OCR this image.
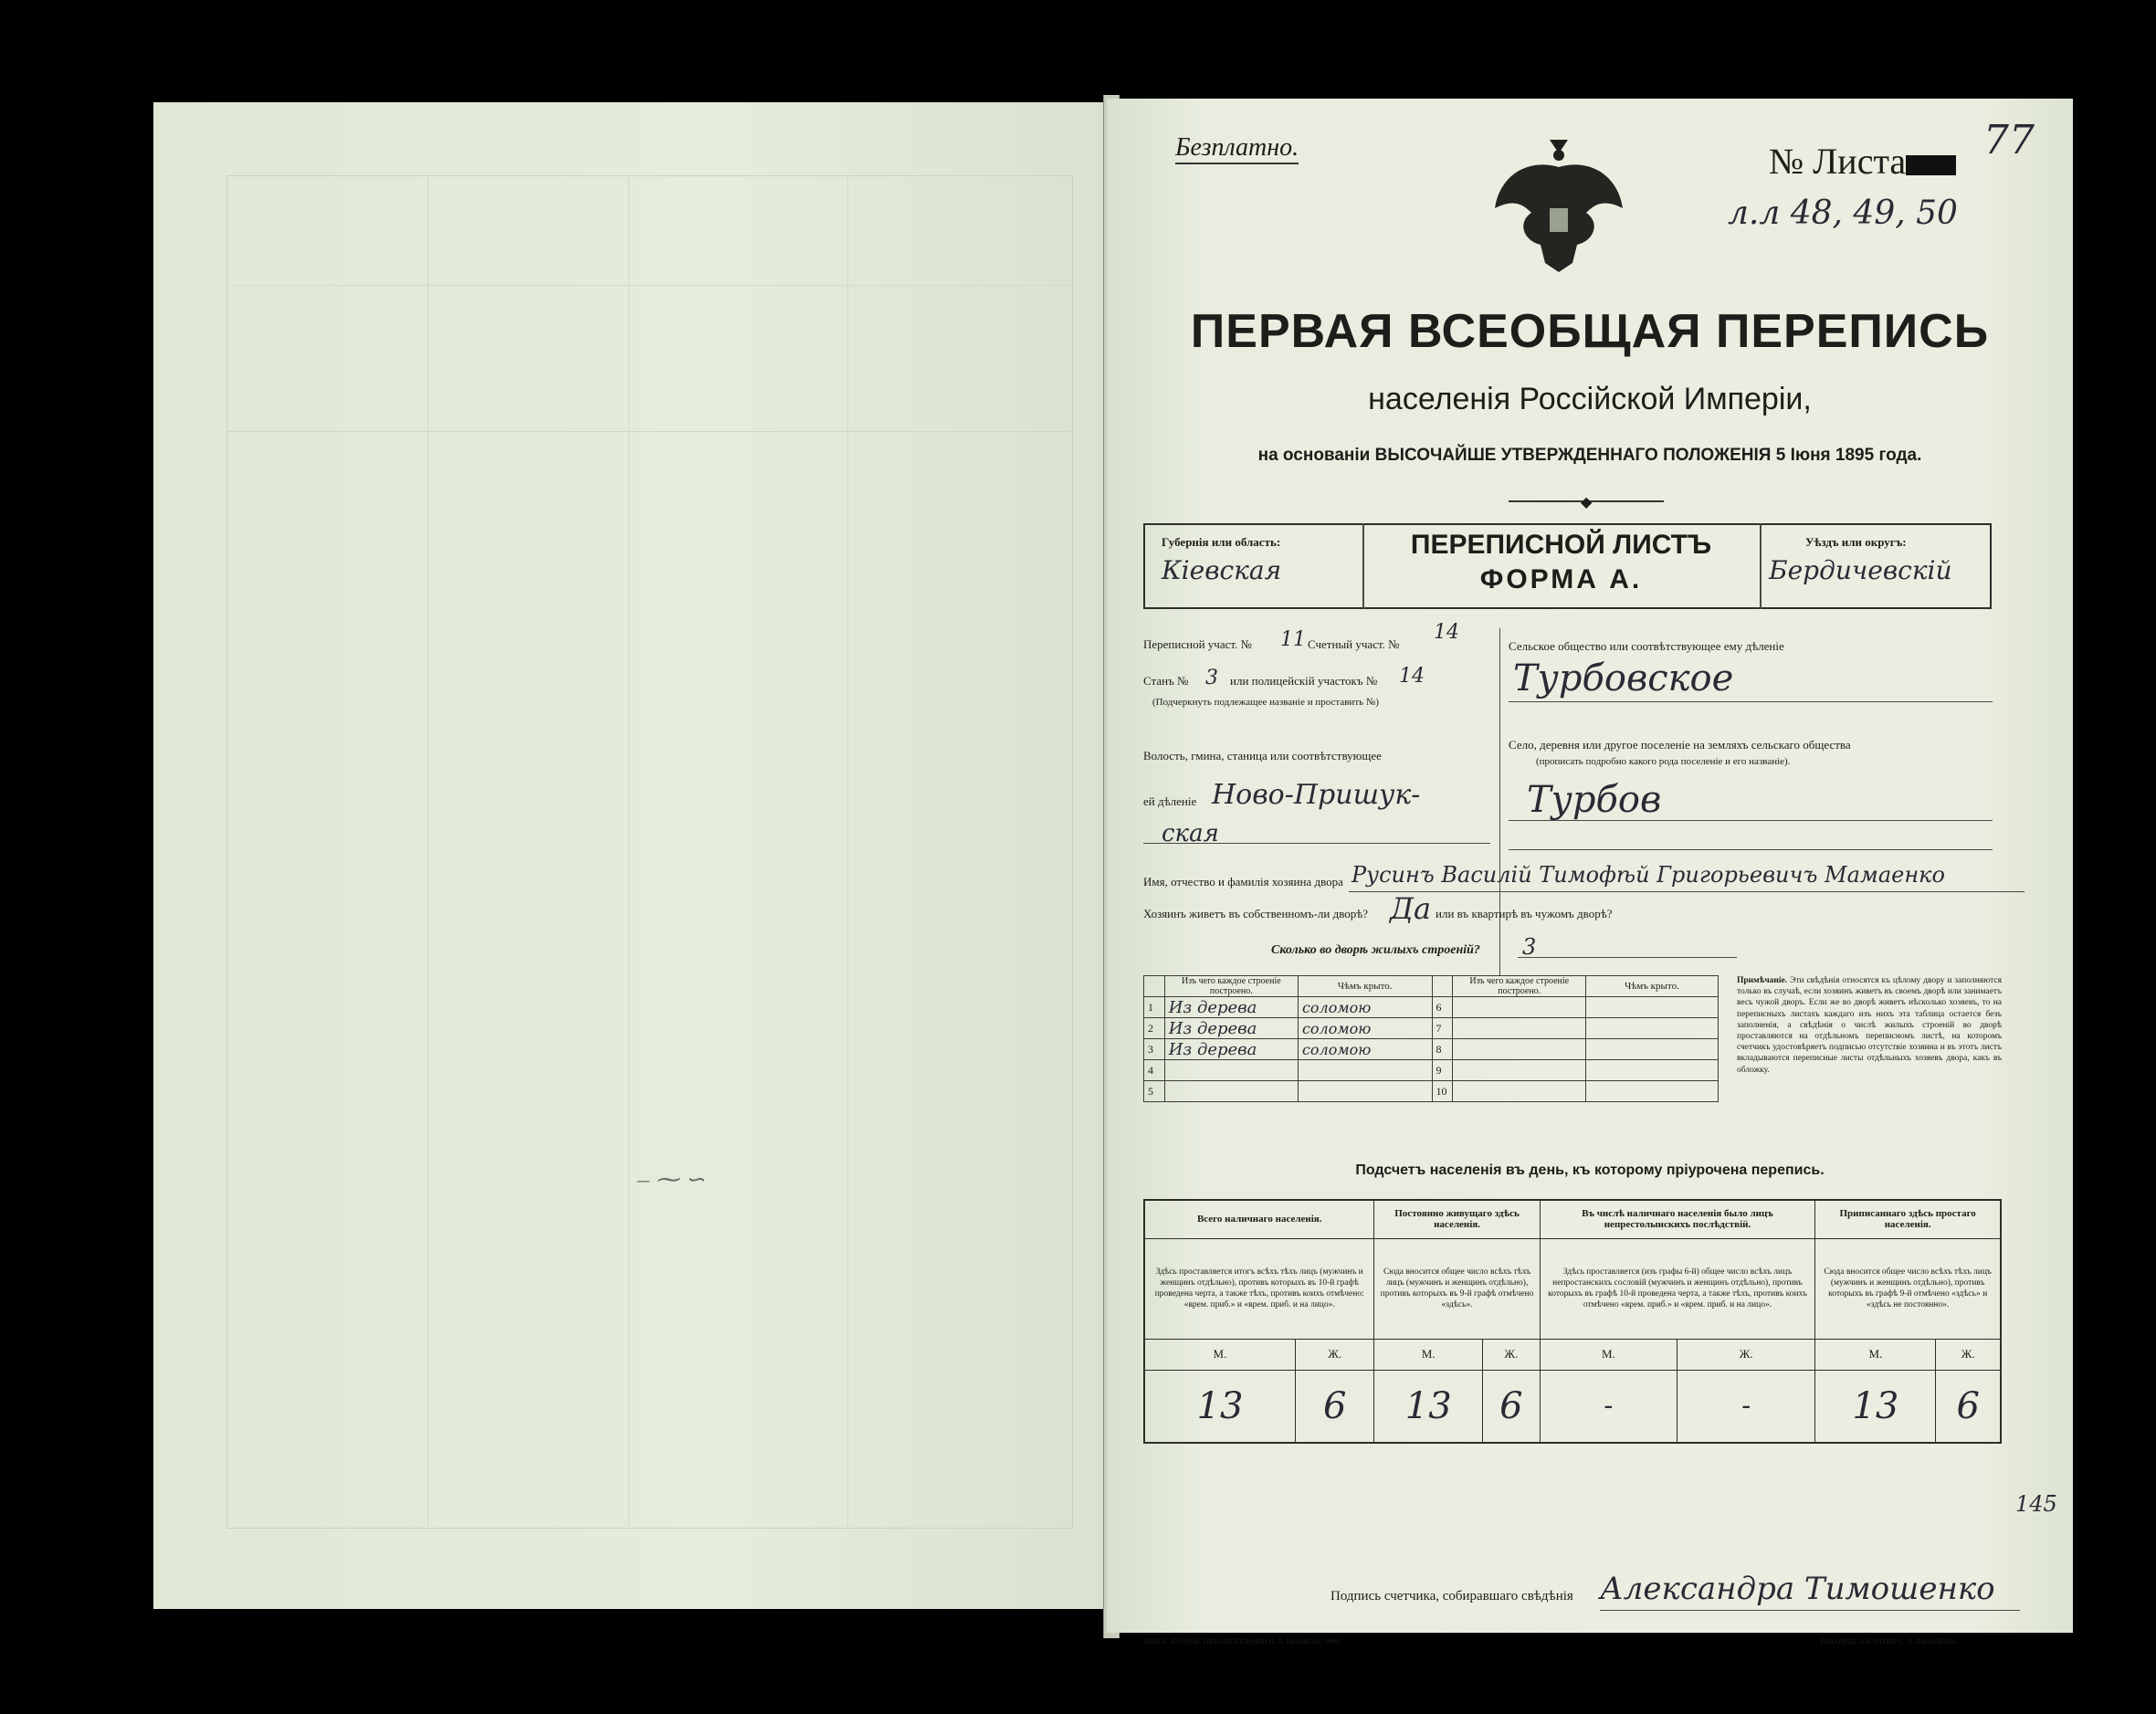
– ⁓ ∽
Безплатно.	№ Листа 77
л.л 48, 49, 50
ПЕРВАЯ ВСЕОБЩАЯ ПЕРЕПИСЬ
населенія Россійской Имперіи,
на основаніи ВЫСОЧАЙШЕ УТВЕРЖДЕННАГО ПОЛОЖЕНІЯ 5 Іюня 1895 года.
◆
Губернія или область:
Кіевская
ПЕРЕПИСНОЙ ЛИСТЪ
ФОРМА А.
Уѣздъ или округъ:
Бердичевскій
Переписной участ. № 11 Счетный участ. №
14
Станъ № 3 или полицейскій участокъ № 14
(Подчеркнуть подлежащее названіе и проставить №)
Волость, гмина, станица или соотвѣтствующее
ей дѣленіе Ново-Пришук-
ская
Сельское общество или соотвѣтствующее ему дѣленіе
Турбовское
Село, деревня или другое поселеніе на земляхъ сельскаго общества
(прописать подробно какого рода поселеніе и его названіе).
Турбов
Имя, отчество и фамилія хозяина двора Русинъ Василій Тимофѣй Григорьевичъ Мамаенко
Хозяинъ живетъ въ собственномъ-ли дворѣ? Да или въ квартирѣ въ чужомъ дворѣ?
Сколько во дворѣ жилыхъ строеній? 3
	Изъ чего каждое строеніе построено.	Чѣмъ крыто.		Изъ чего каждое строеніе построено.	Чѣмъ крыто.
1	Из дерева	соломою	6		
2	Из дерева	соломою	7		
3	Из дерева	соломою	8		
4			9		
5			10		
Примѣчаніе. Эти свѣдѣнія относятся къ цѣлому двору и заполняются только въ случаѣ, если хозяинъ живетъ въ своемъ дворѣ или занимаетъ весь чужой дворъ. Если же во дворѣ живетъ нѣсколько хозяевъ, то на переписныхъ листахъ каждаго изъ нихъ эта таблица остается безъ заполненія, а свѣдѣнія о числѣ жилыхъ строеній во дворѣ проставляются на отдѣльномъ переписномъ листѣ, на которомъ счетчикъ удостовѣряетъ подписью отсутствіе хозяина и въ этотъ листъ вкладываются переписные листы отдѣльныхъ хозяевъ двора, какъ въ обложку.
Подсчетъ населенія въ день, къ которому пріурочена перепись.
Всего наличнаго населенія.		Постоянно живущаго здѣсь населенія.		Въ числѣ наличнаго населенія было лицъ непрестолынскихъ послѣдствій.		Приписаннаго здѣсь простаго населенія.	
Здѣсь проставляется итогъ всѣхъ тѣхъ лицъ (мужчинъ и женщинъ отдѣльно), противъ которыхъ въ 10-й графѣ проведена черта, а также тѣхъ, противъ коихъ отмѣчено: «врем. приб.» и «врем. приб. и на лицо».		Сюда вносится общее число всѣхъ тѣхъ лицъ (мужчинъ и женщинъ отдѣльно), противъ которыхъ въ 9-й графѣ отмѣчено «здѣсь».		Здѣсь проставляется (изъ графы 6-й) общее число всѣхъ лицъ непростанскихъ сословій (мужчинъ и женщинъ отдѣльно), противъ которыхъ въ графѣ 10-й проведена черта, а также тѣхъ, противъ коихъ отмѣчено «врем. приб.» и «врем. приб. и на лицо».		Сюда вносится общее число всѣхъ тѣхъ лицъ (мужчинъ и женщинъ отдѣльно), противъ которыхъ въ графѣ 9-й отмѣчено «здѣсь» и «здѣсь не постоянно».	
М.	Ж.	М.	Ж.	М.	Ж.	М.	Ж.
13	6	13	6	-	-	13	6
145
Подпись счетчика, собиравшаго свѣдѣнія Александра Тимошенко
ТИПОГ. ВТОРОЙ ТИПОЛИТОГРАФІИ Н. Л. НЬЮМАН, 1896	ТОВАРИЩ. «ПЕЧАТНЯ С. П. ЯКОВЛЕВА»
